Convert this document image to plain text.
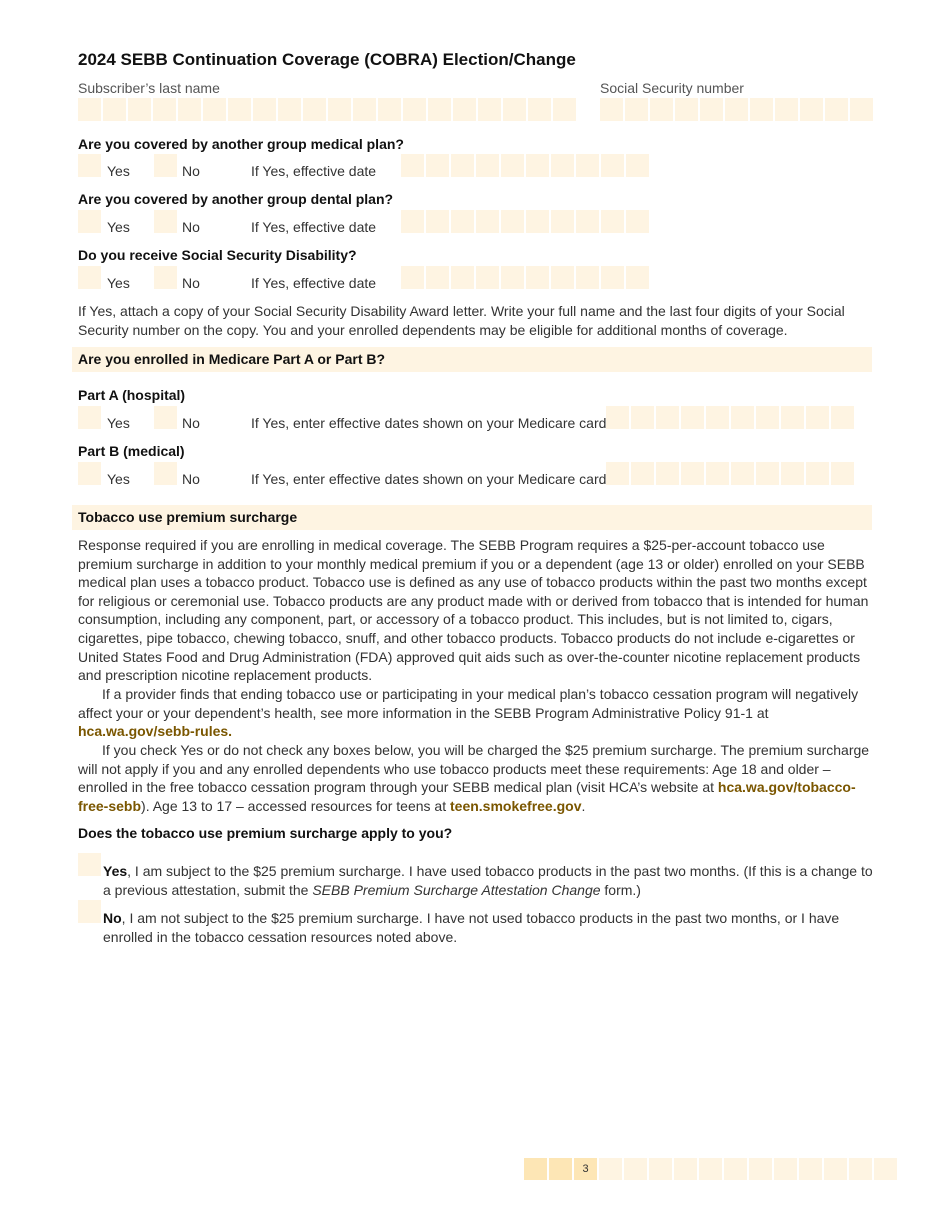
2024 SEBB Continuation Coverage (COBRA) Election/Change
Subscriber’s last name	Social Security number
Are you covered by another group medical plan?
Yes	No	If Yes, effective date
Are you covered by another group dental plan?
Yes	No	If Yes, effective date
Do you receive Social Security Disability?
Yes	No	If Yes, effective date

If Yes, attach a copy of your Social Security Disability Award letter. Write your full name and the last four digits of your Social Security number on the copy. You and your enrolled dependents may be eligible for additional months of coverage.

Are you enrolled in Medicare Part A or Part B?
Part A (hospital)
Yes	No	If Yes, enter effective dates shown on your Medicare card
Part B (medical)
Yes	No	If Yes, enter effective dates shown on your Medicare card
Tobacco use premium surcharge

Response required if you are enrolling in medical coverage. The SEBB Program requires a $25-per-account tobacco use premium surcharge in addition to your monthly medical premium if you or a dependent (age 13 or older) enrolled on your SEBB medical plan uses a tobacco product. Tobacco use is defined as any use of tobacco products within the past two months except for religious or ceremonial use. Tobacco products are any product made with or derived from tobacco that is intended for human consumption, including any component, part, or accessory of a tobacco product. This includes, but is not limited to, cigars, cigarettes, pipe tobacco, chewing tobacco, snuff, and other tobacco products. Tobacco products do not include e-cigarettes or United States Food and Drug Administration (FDA) approved quit aids such as over-the-counter nicotine replacement products and prescription nicotine replacement products.

If a provider finds that ending tobacco use or participating in your medical plan’s tobacco cessation program will negatively affect your or your dependent’s health, see more information in the SEBB Program Administrative Policy 91-1 at hca.wa.gov/sebb-rules.

If you check Yes or do not check any boxes below, you will be charged the $25 premium surcharge. The premium surcharge will not apply if you and any enrolled dependents who use tobacco products meet these requirements: Age 18 and older – enrolled in the free tobacco cessation program through your SEBB medical plan (visit HCA’s website at hca.wa.gov/tobacco-free-sebb). Age 13 to 17 – accessed resources for teens at teen.smokefree.gov.

Does the tobacco use premium surcharge apply to you?

Yes, I am subject to the $25 premium surcharge. I have used tobacco products in the past two months. (If this is a change to a previous attestation, submit the SEBB Premium Surcharge Attestation Change form.)

No, I am not subject to the $25 premium surcharge. I have not used tobacco products in the past two months, or I have enrolled in the tobacco cessation resources noted above.

3
